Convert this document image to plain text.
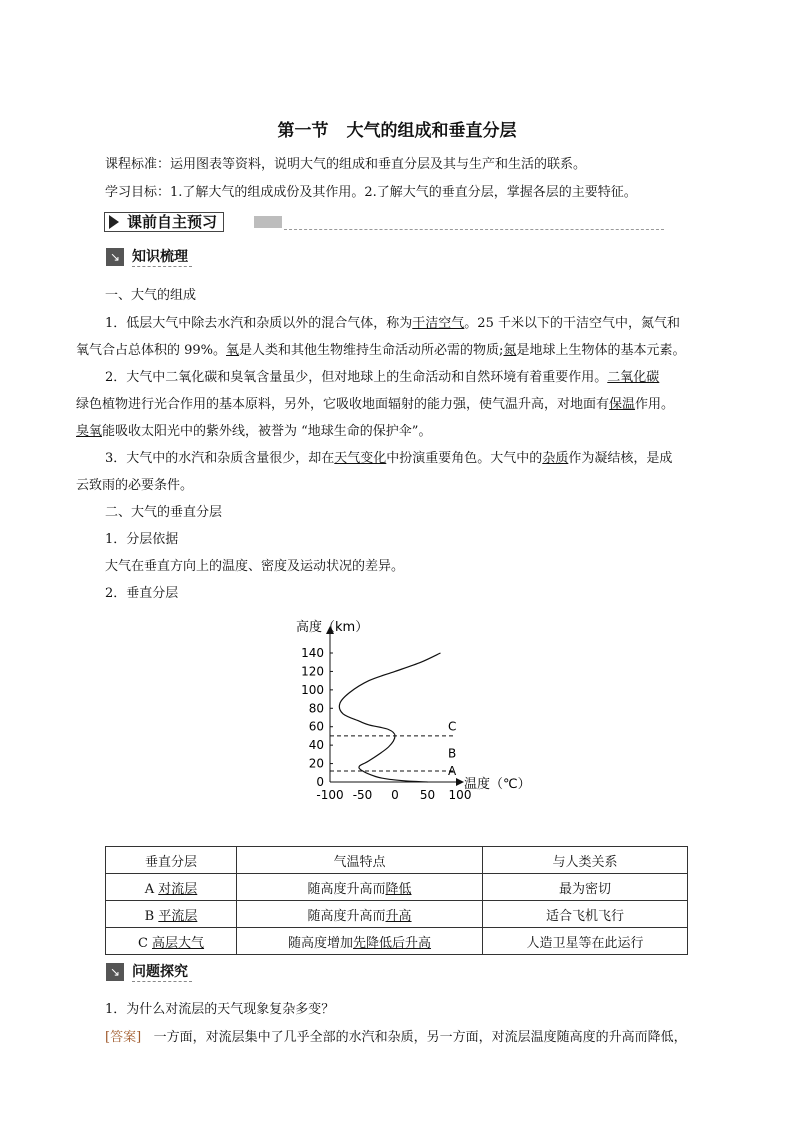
第一节 大气的组成和垂直分层
课程标准：运用图表等资料，说明大气的组成和垂直分层及其与生产和生活的联系。
学习目标：1.了解大气的组成成份及其作用。2.了解大气的垂直分层，掌握各层的主要特征。
课前自主预习
↘ 知识梳理
一、大气的组成
1．低层大气中除去水汽和杂质以外的混合气体，称为干洁空气。25 千米以下的干洁空气中，氮气和
氧气合占总体积的 99%。氧是人类和其他生物维持生命活动所必需的物质;氮是地球上生物体的基本元素。
2．大气中二氧化碳和臭氧含量虽少，但对地球上的生命活动和自然环境有着重要作用。二氧化碳
绿色植物进行光合作用的基本原料，另外，它吸收地面辐射的能力强，使气温升高，对地面有保温作用。
臭氧能吸收太阳光中的紫外线，被誉为 “地球生命的保护伞”。
3．大气中的水汽和杂质含量很少，却在天气变化中扮演重要角色。大气中的杂质作为凝结核，是成
云致雨的必要条件。
二、大气的垂直分层
1．分层依据
大气在垂直方向上的温度、密度及运动状况的差异。
2．垂直分层
高度（km）
温度（℃）
0
20
40
60
80
100
120
140
-100 -50 0 50 100
A
B
C
垂直分层	气温特点	与人类关系
A 对流层	随高度升高而降低	最为密切
B 平流层	随高度升高而升高	适合飞机飞行
C 高层大气	随高度增加先降低后升高	人造卫星等在此运行
↘ 问题探究
1．为什么对流层的天气现象复杂多变？
[答案] 一方面，对流层集中了几乎全部的水汽和杂质，另一方面，对流层温度随高度的升高而降低，
